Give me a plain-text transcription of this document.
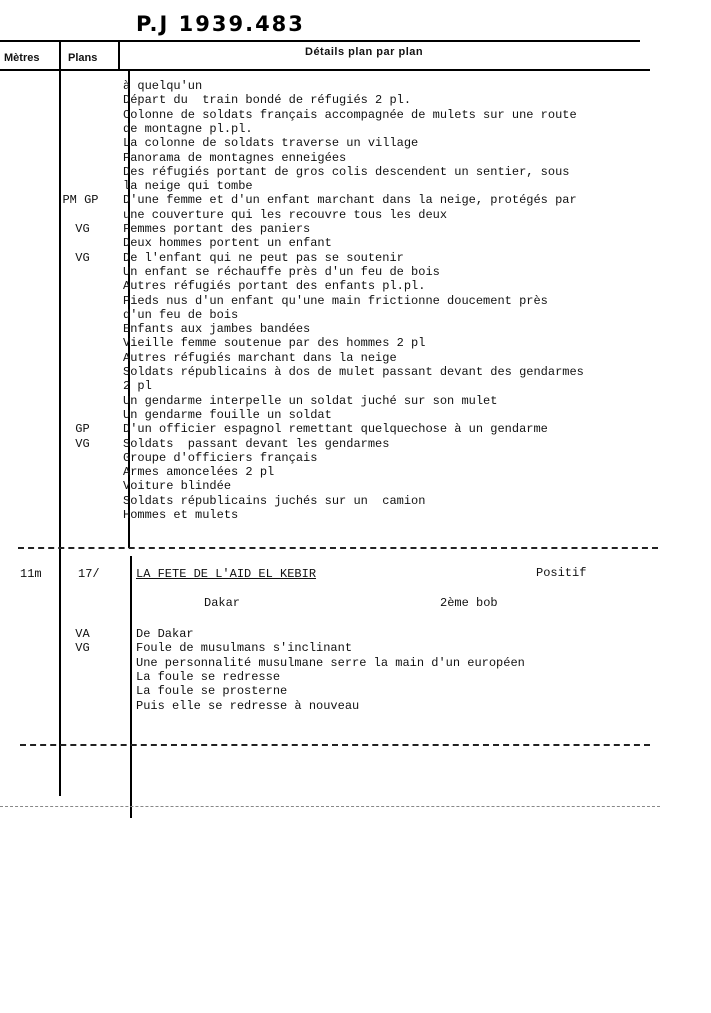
P.J 1939.483
Mètres	Plans	Détails plan par plan

à quelqu'un

Départ du  train bondé de réfugiés 2 pl.

Colonne de soldats français accompagnée de mulets sur une route

de montagne pl.pl.

La colonne de soldats traverse un village

Panorama de montagnes enneigées

Des réfugiés portant de gros colis descendent un sentier, sous

la neige qui tombe

PM GP	D'une femme et d'un enfant marchant dans la neige, protégés par

une couverture qui les recouvre tous les deux

VG	Femmes portant des paniers

Deux hommes portent un enfant

VG	De l'enfant qui ne peut pas se soutenir

Un enfant se réchauffe près d'un feu de bois

Autres réfugiés portant des enfants pl.pl.

Pieds nus d'un enfant qu'une main frictionne doucement près

d'un feu de bois

Enfants aux jambes bandées

Vieille femme soutenue par des hommes 2 pl

Autres réfugiés marchant dans la neige

Soldats républicains à dos de mulet passant devant des gendarmes

2 pl

Un gendarme interpelle un soldat juché sur son mulet

Un gendarme fouille un soldat

GP	D'un officier espagnol remettant quelquechose à un gendarme

VG	Soldats  passant devant les gendarmes

Groupe d'officiers français

Armes amoncelées 2 pl

Voiture blindée

Soldats républicains juchés sur un  camion

Hommes et mulets

11m	17/	LA FETE DE L'AID EL KEBIR	Positif
Dakar	2ème bob

VA	De Dakar

VG	Foule de musulmans s'inclinant

Une personnalité musulmane serre la main d'un européen

La foule se redresse

La foule se prosterne

Puis elle se redresse à nouveau
